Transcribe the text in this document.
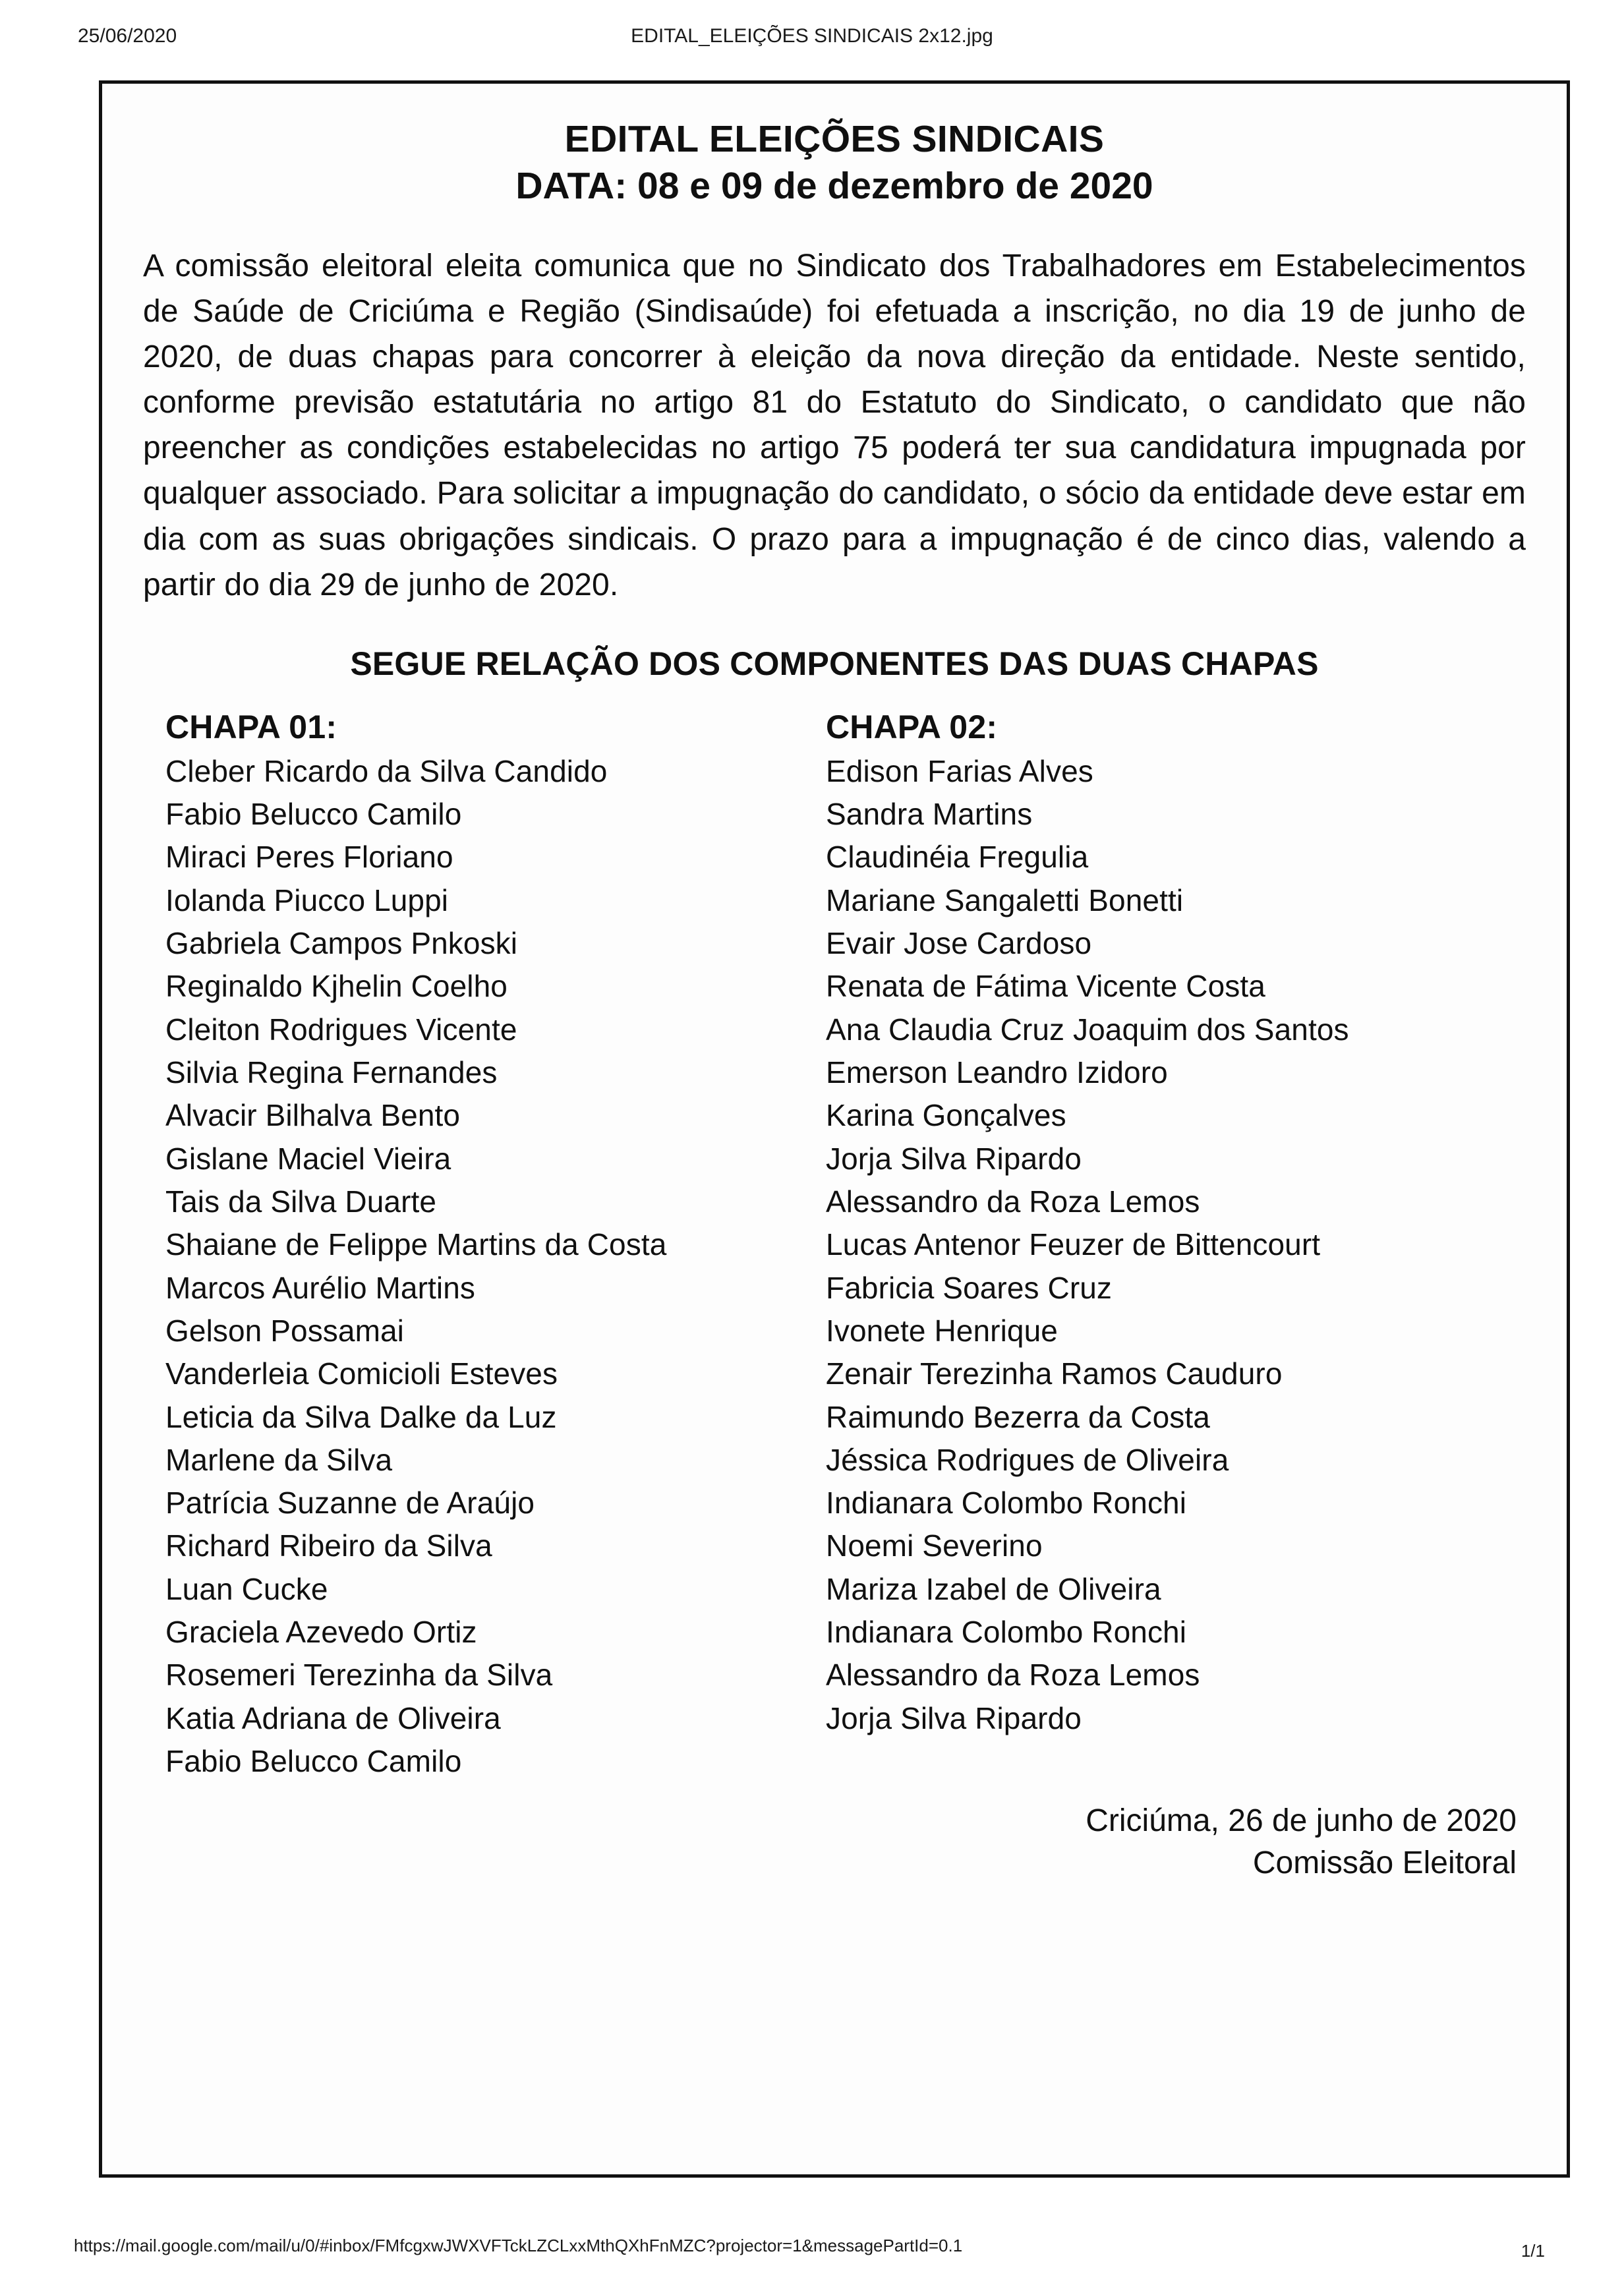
25/06/2020	EDITAL_ELEIÇÕES SINDICAIS 2x12.jpg
EDITAL ELEIÇÕES SINDICAIS
DATA: 08 e 09 de dezembro de 2020

A comissão eleitoral eleita comunica que no Sindicato dos Trabalhadores em Estabelecimentos de Saúde de Criciúma e Região (Sindisaúde) foi efetuada a inscrição, no dia 19 de junho de 2020, de duas chapas para concorrer à eleição da nova direção da entidade. Neste sentido, conforme previsão estatutária no artigo 81 do Estatuto do Sindicato, o candidato que não preencher as condições estabelecidas no artigo 75 poderá ter sua candidatura impugnada por qualquer associado. Para solicitar a impugnação do candidato, o sócio da entidade deve estar em dia com as suas obrigações sindicais. O prazo para a impugnação é de cinco dias, valendo a partir do dia 29 de junho de 2020.

SEGUE RELAÇÃO DOS COMPONENTES DAS DUAS CHAPAS
CHAPA 01:
Cleber Ricardo da Silva Candido
Fabio Belucco Camilo
Miraci Peres Floriano
Iolanda Piucco Luppi
Gabriela Campos Pnkoski
Reginaldo Kjhelin Coelho
Cleiton Rodrigues Vicente
Silvia Regina Fernandes
Alvacir Bilhalva Bento
Gislane Maciel Vieira
Tais da Silva Duarte
Shaiane de Felippe Martins da Costa
Marcos Aurélio Martins
Gelson Possamai
Vanderleia Comicioli Esteves
Leticia da Silva Dalke da Luz
Marlene da Silva
Patrícia Suzanne de Araújo
Richard Ribeiro da Silva
Luan Cucke
Graciela Azevedo Ortiz
Rosemeri Terezinha da Silva
Katia Adriana de Oliveira
Fabio Belucco Camilo
CHAPA 02:
Edison Farias Alves
Sandra Martins
Claudinéia Fregulia
Mariane Sangaletti Bonetti
Evair Jose Cardoso
Renata de Fátima Vicente Costa
Ana Claudia Cruz Joaquim dos Santos
Emerson Leandro Izidoro
Karina Gonçalves
Jorja Silva Ripardo
Alessandro da Roza Lemos
Lucas Antenor Feuzer de Bittencourt
Fabricia Soares Cruz
Ivonete Henrique
Zenair Terezinha Ramos Cauduro
Raimundo Bezerra da Costa
Jéssica Rodrigues de Oliveira
Indianara Colombo Ronchi
Noemi Severino
Mariza Izabel de Oliveira
Indianara Colombo Ronchi
Alessandro da Roza Lemos
Jorja Silva Ripardo
Criciúma, 26 de junho de 2020
Comissão Eleitoral
https://mail.google.com/mail/u/0/#inbox/FMfcgxwJWXVFTckLZCLxxMthQXhFnMZC?projector=1&messagePartId=0.1	1/1
